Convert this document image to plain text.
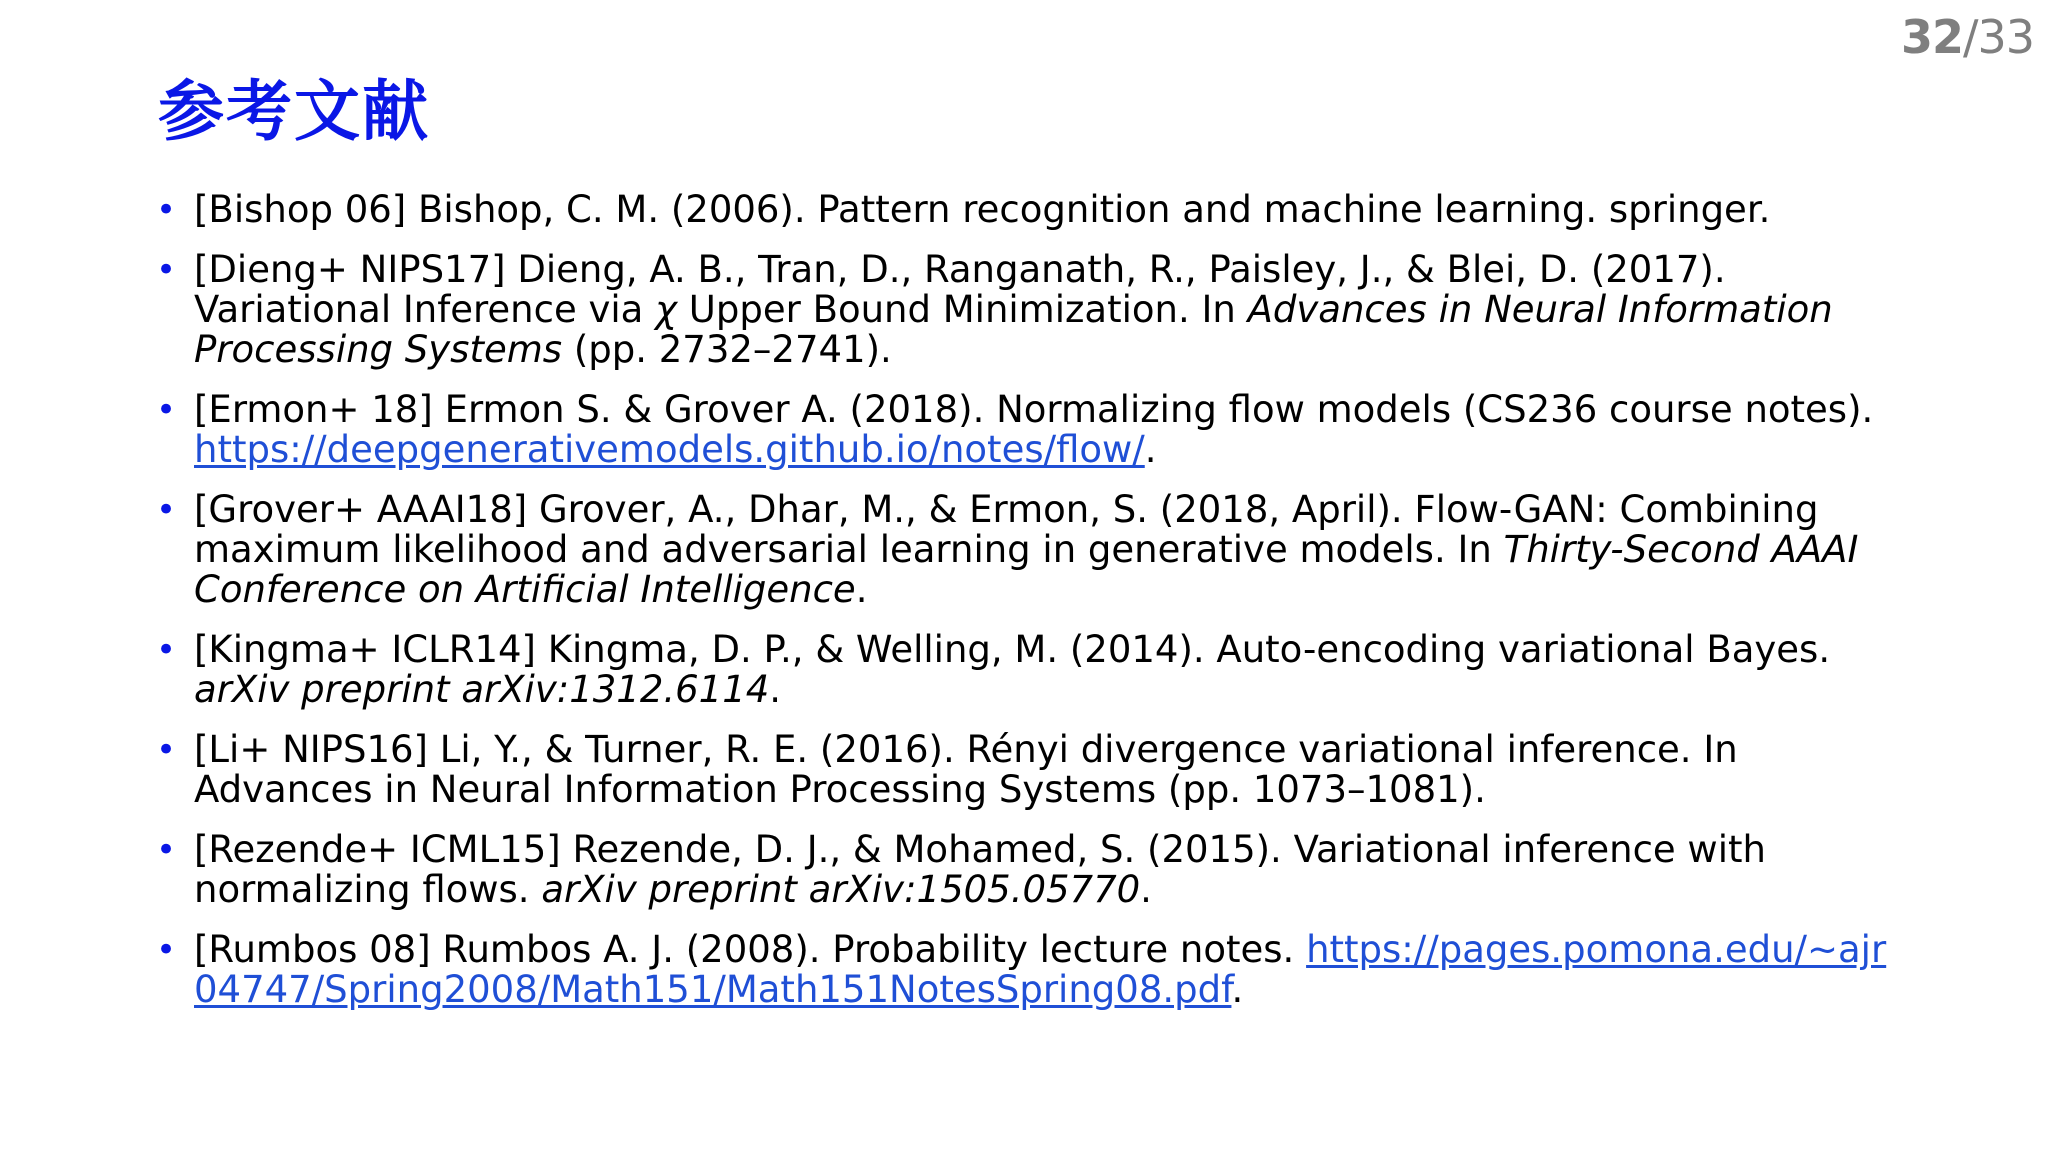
32/33
参考文献
• [Bishop 06] Bishop, C. M. (2006). Pattern recognition and machine learning. springer.
• [Dieng+ NIPS17] Dieng, A. B., Tran, D., Ranganath, R., Paisley, J., & Blei, D. (2017). Variational Inference via χ Upper Bound Minimization. In Advances in Neural Information Processing Systems (pp. 2732–2741).
• [Ermon+ 18] Ermon S. & Grover A. (2018). Normalizing flow models (CS236 course notes). https://deepgenerativemodels.github.io/notes/flow/.
• [Grover+ AAAI18] Grover, A., Dhar, M., & Ermon, S. (2018, April). Flow-GAN: Combining maximum likelihood and adversarial learning in generative models. In Thirty-Second AAAI Conference on Artificial Intelligence.
• [Kingma+ ICLR14] Kingma, D. P., & Welling, M. (2014). Auto-encoding variational Bayes. arXiv preprint arXiv:1312.6114.
• [Li+ NIPS16] Li, Y., & Turner, R. E. (2016). Rényi divergence variational inference. In Advances in Neural Information Processing Systems (pp. 1073–1081).
• [Rezende+ ICML15] Rezende, D. J., & Mohamed, S. (2015). Variational inference with normalizing flows. arXiv preprint arXiv:1505.05770.
• [Rumbos 08] Rumbos A. J. (2008). Probability lecture notes. https://pages.pomona.edu/~ajr04747/Spring2008/Math151/Math151NotesSpring08.pdf.
